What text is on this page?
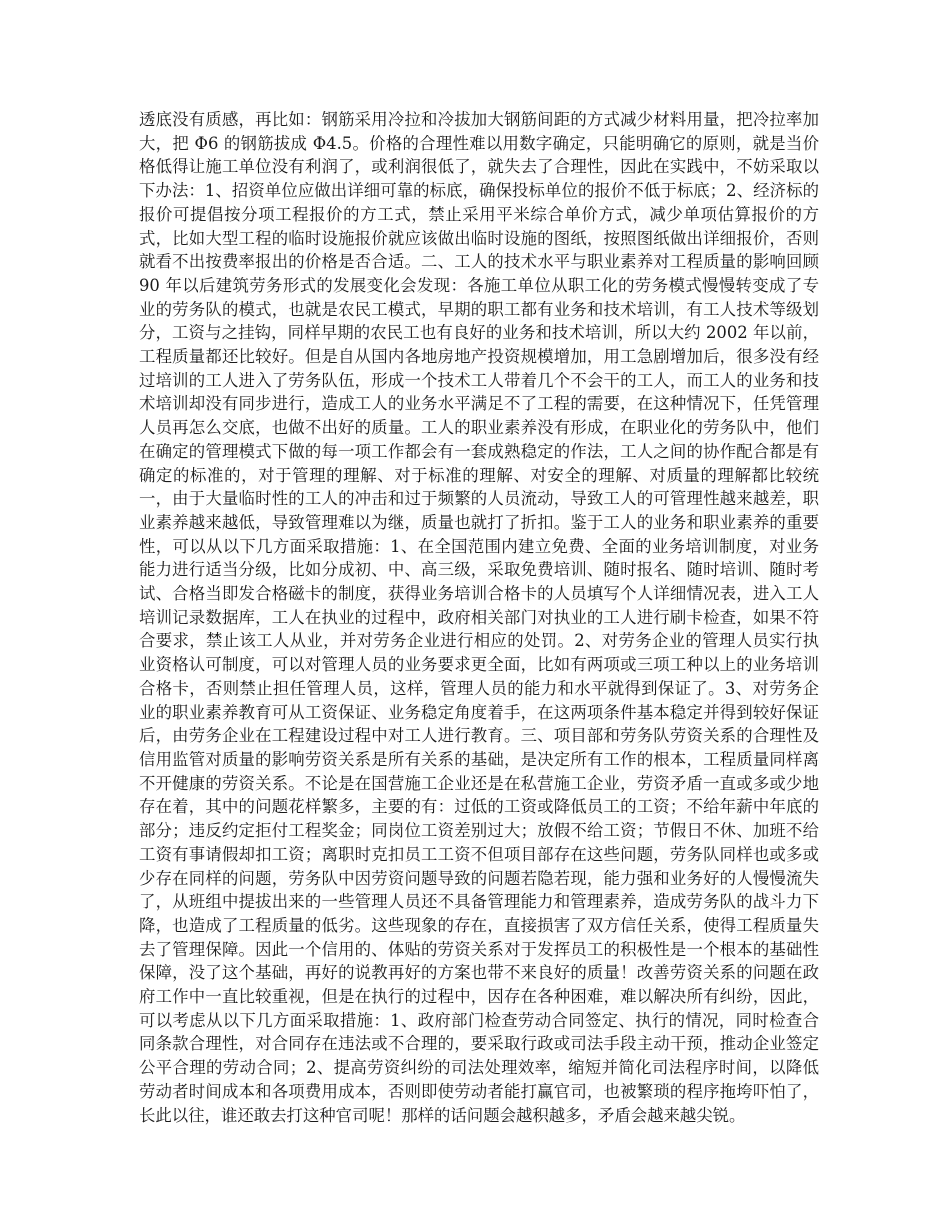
透底没有质感，再比如：钢筋采用冷拉和冷拔加大钢筋间距的方式减少材料用量，把冷拉率加大，把 Φ6 的钢筋拔成 Φ4.5。价格的合理性难以用数字确定，只能明确它的原则，就是当价格低得让施工单位没有利润了，或利润很低了，就失去了合理性，因此在实践中，不妨采取以下办法：1、招资单位应做出详细可靠的标底，确保投标单位的报价不低于标底；2、经济标的报价可提倡按分项工程报价的方工式，禁止采用平米综合单价方式，减少单项估算报价的方式，比如大型工程的临时设施报价就应该做出临时设施的图纸，按照图纸做出详细报价，否则就看不出按费率报出的价格是否合适。二、工人的技术水平与职业素养对工程质量的影响回顾 90 年以后建筑劳务形式的发展变化会发现：各施工单位从职工化的劳务模式慢慢转变成了专业的劳务队的模式，也就是农民工模式，早期的职工都有业务和技术培训，有工人技术等级划分，工资与之挂钩，同样早期的农民工也有良好的业务和技术培训，所以大约 2002 年以前，工程质量都还比较好。但是自从国内各地房地产投资规模增加，用工急剧增加后，很多没有经过培训的工人进入了劳务队伍，形成一个技术工人带着几个不会干的工人，而工人的业务和技术培训却没有同步进行，造成工人的业务水平满足不了工程的需要，在这种情况下，任凭管理人员再怎么交底，也做不出好的质量。工人的职业素养没有形成，在职业化的劳务队中，他们在确定的管理模式下做的每一项工作都会有一套成熟稳定的作法，工人之间的协作配合都是有确定的标准的，对于管理的理解、对于标准的理解、对安全的理解、对质量的理解都比较统一，由于大量临时性的工人的冲击和过于频繁的人员流动，导致工人的可管理性越来越差，职业素养越来越低，导致管理难以为继，质量也就打了折扣。鉴于工人的业务和职业素养的重要性，可以从以下几方面采取措施：1、在全国范围内建立免费、全面的业务培训制度，对业务能力进行适当分级，比如分成初、中、高三级，采取免费培训、随时报名、随时培训、随时考试、合格当即发合格磁卡的制度，获得业务培训合格卡的人员填写个人详细情况表，进入工人培训记录数据库，工人在执业的过程中，政府相关部门对执业的工人进行刷卡检查，如果不符合要求，禁止该工人从业，并对劳务企业进行相应的处罚。2、对劳务企业的管理人员实行执业资格认可制度，可以对管理人员的业务要求更全面，比如有两项或三项工种以上的业务培训合格卡，否则禁止担任管理人员，这样，管理人员的能力和水平就得到保证了。3、对劳务企业的职业素养教育可从工资保证、业务稳定角度着手，在这两项条件基本稳定并得到较好保证后，由劳务企业在工程建设过程中对工人进行教育。三、项目部和劳务队劳资关系的合理性及信用监管对质量的影响劳资关系是所有关系的基础，是决定所有工作的根本，工程质量同样离不开健康的劳资关系。不论是在国营施工企业还是在私营施工企业，劳资矛盾一直或多或少地存在着，其中的问题花样繁多，主要的有：过低的工资或降低员工的工资；不给年薪中年底的部分；违反约定拒付工程奖金；同岗位工资差别过大；放假不给工资；节假日不休、加班不给工资有事请假却扣工资；离职时克扣员工工资不但项目部存在这些问题，劳务队同样也或多或少存在同样的问题，劳务队中因劳资问题导致的问题若隐若现，能力强和业务好的人慢慢流失了，从班组中提拔出来的一些管理人员还不具备管理能力和管理素养，造成劳务队的战斗力下降，也造成了工程质量的低劣。这些现象的存在，直接损害了双方信任关系，使得工程质量失去了管理保障。因此一个信用的、体贴的劳资关系对于发挥员工的积极性是一个根本的基础性保障，没了这个基础，再好的说教再好的方案也带不来良好的质量！改善劳资关系的问题在政府工作中一直比较重视，但是在执行的过程中，因存在各种困难，难以解决所有纠纷，因此，可以考虑从以下几方面采取措施：1、政府部门检查劳动合同签定、执行的情况，同时检查合同条款合理性，对合同存在违法或不合理的，要采取行政或司法手段主动干预，推动企业签定公平合理的劳动合同；2、提高劳资纠纷的司法处理效率，缩短并简化司法程序时间，以降低劳动者时间成本和各项费用成本，否则即使劳动者能打赢官司，也被繁琐的程序拖垮吓怕了，长此以往，谁还敢去打这种官司呢！那样的话问题会越积越多，矛盾会越来越尖锐。
